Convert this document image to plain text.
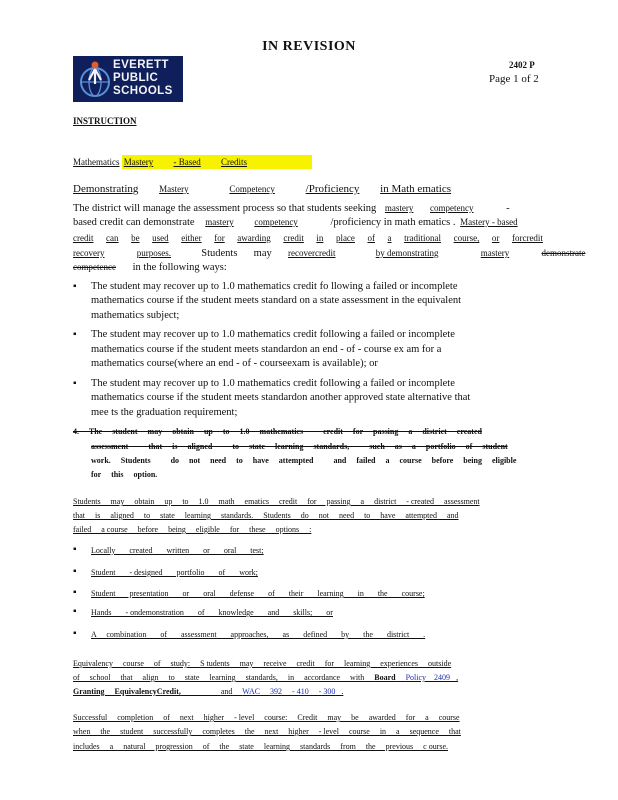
IN REVISION
EVERETT
PUBLIC
SCHOOLS
2402 P
Page 1 of 2
INSTRUCTION
Mathematics Mastery - Based Credits
Demonstrating Mastery	Competency	/Proficiency in Math ematics
The district will manage the assessment process so that students seeking mastery competency	-
based credit can demonstrate mastery competency	/proficiency in math ematics . Mastery - based
credit can be used either for awarding credit in place of a traditional course, or forcredit
recovery	purposes.	Students may recovercredit	by demonstrating	mastery	demonstrate
competence in the following ways:
▪ The student may recover up to 1.0 mathematics credit fo llowing a failed or incomplete
mathematics course if the student meets standard on a state assessment in the equivalent
mathematics subject;
▪ The student may recover up to 1.0 mathematics credit following a failed or incomplete
mathematics course if the student meets standardon an end - of - course ex am for a
mathematics course(where an end - of - courseexam is available); or
▪ The student may recover up to 1.0 mathematics credit following a failed or incomplete
mathematics course if the student meets standardon another approved state alternative that
mee ts the graduation requirement;
4.     The     student     may     obtain     up     to     1.0     mathematics          credit     for     passing     a     district     created
assessment          that     is     aligned          to     state     learning     standards,          such     as     a     portfolio     of     student
work.     Students          do     not     need     to     have     attempted          and     failed     a     course     before     being     eligible
for     this     option.
Students     may     obtain     up     to     1.0     math     ematics     credit     for     passing     a     district     - created     assessment
that     is     aligned     to     state     learning     standards.     Students     do     not     need     to     have     attempted     and
failed     a course     before     being     eligible     for     these     options     :
▪ Locally       created       written       or       oral       test;
▪ Student       - designed       portfolio       of       work;
▪ Student       presentation       or       oral       defense       of       their       learning       in       the       course;
▪ Hands       - ondemonstration       of       knowledge       and       skills;       or
▪ A     combination       of       assessment       approaches,       as       defined       by       the       district       .
Equivalency     course     of     study:     S tudents     may     receive     credit     for     learning     experiences     outside
of     school     that     align     to     state     learning     standards,     in     accordance     with Board Policy    2409 ,
Granting     EquivalencyCredit,	and WAC     392     - 410     - 300 .
Successful     completion     of     next     higher     - level     course:     Credit     may     be     awarded     for     a     course
when     the     student     successfully     completes     the     next     higher     - level     course     in     a     sequence     that
includes     a     natural     progression     of     the     state     learning     standards     from     the     previous     c ourse.
